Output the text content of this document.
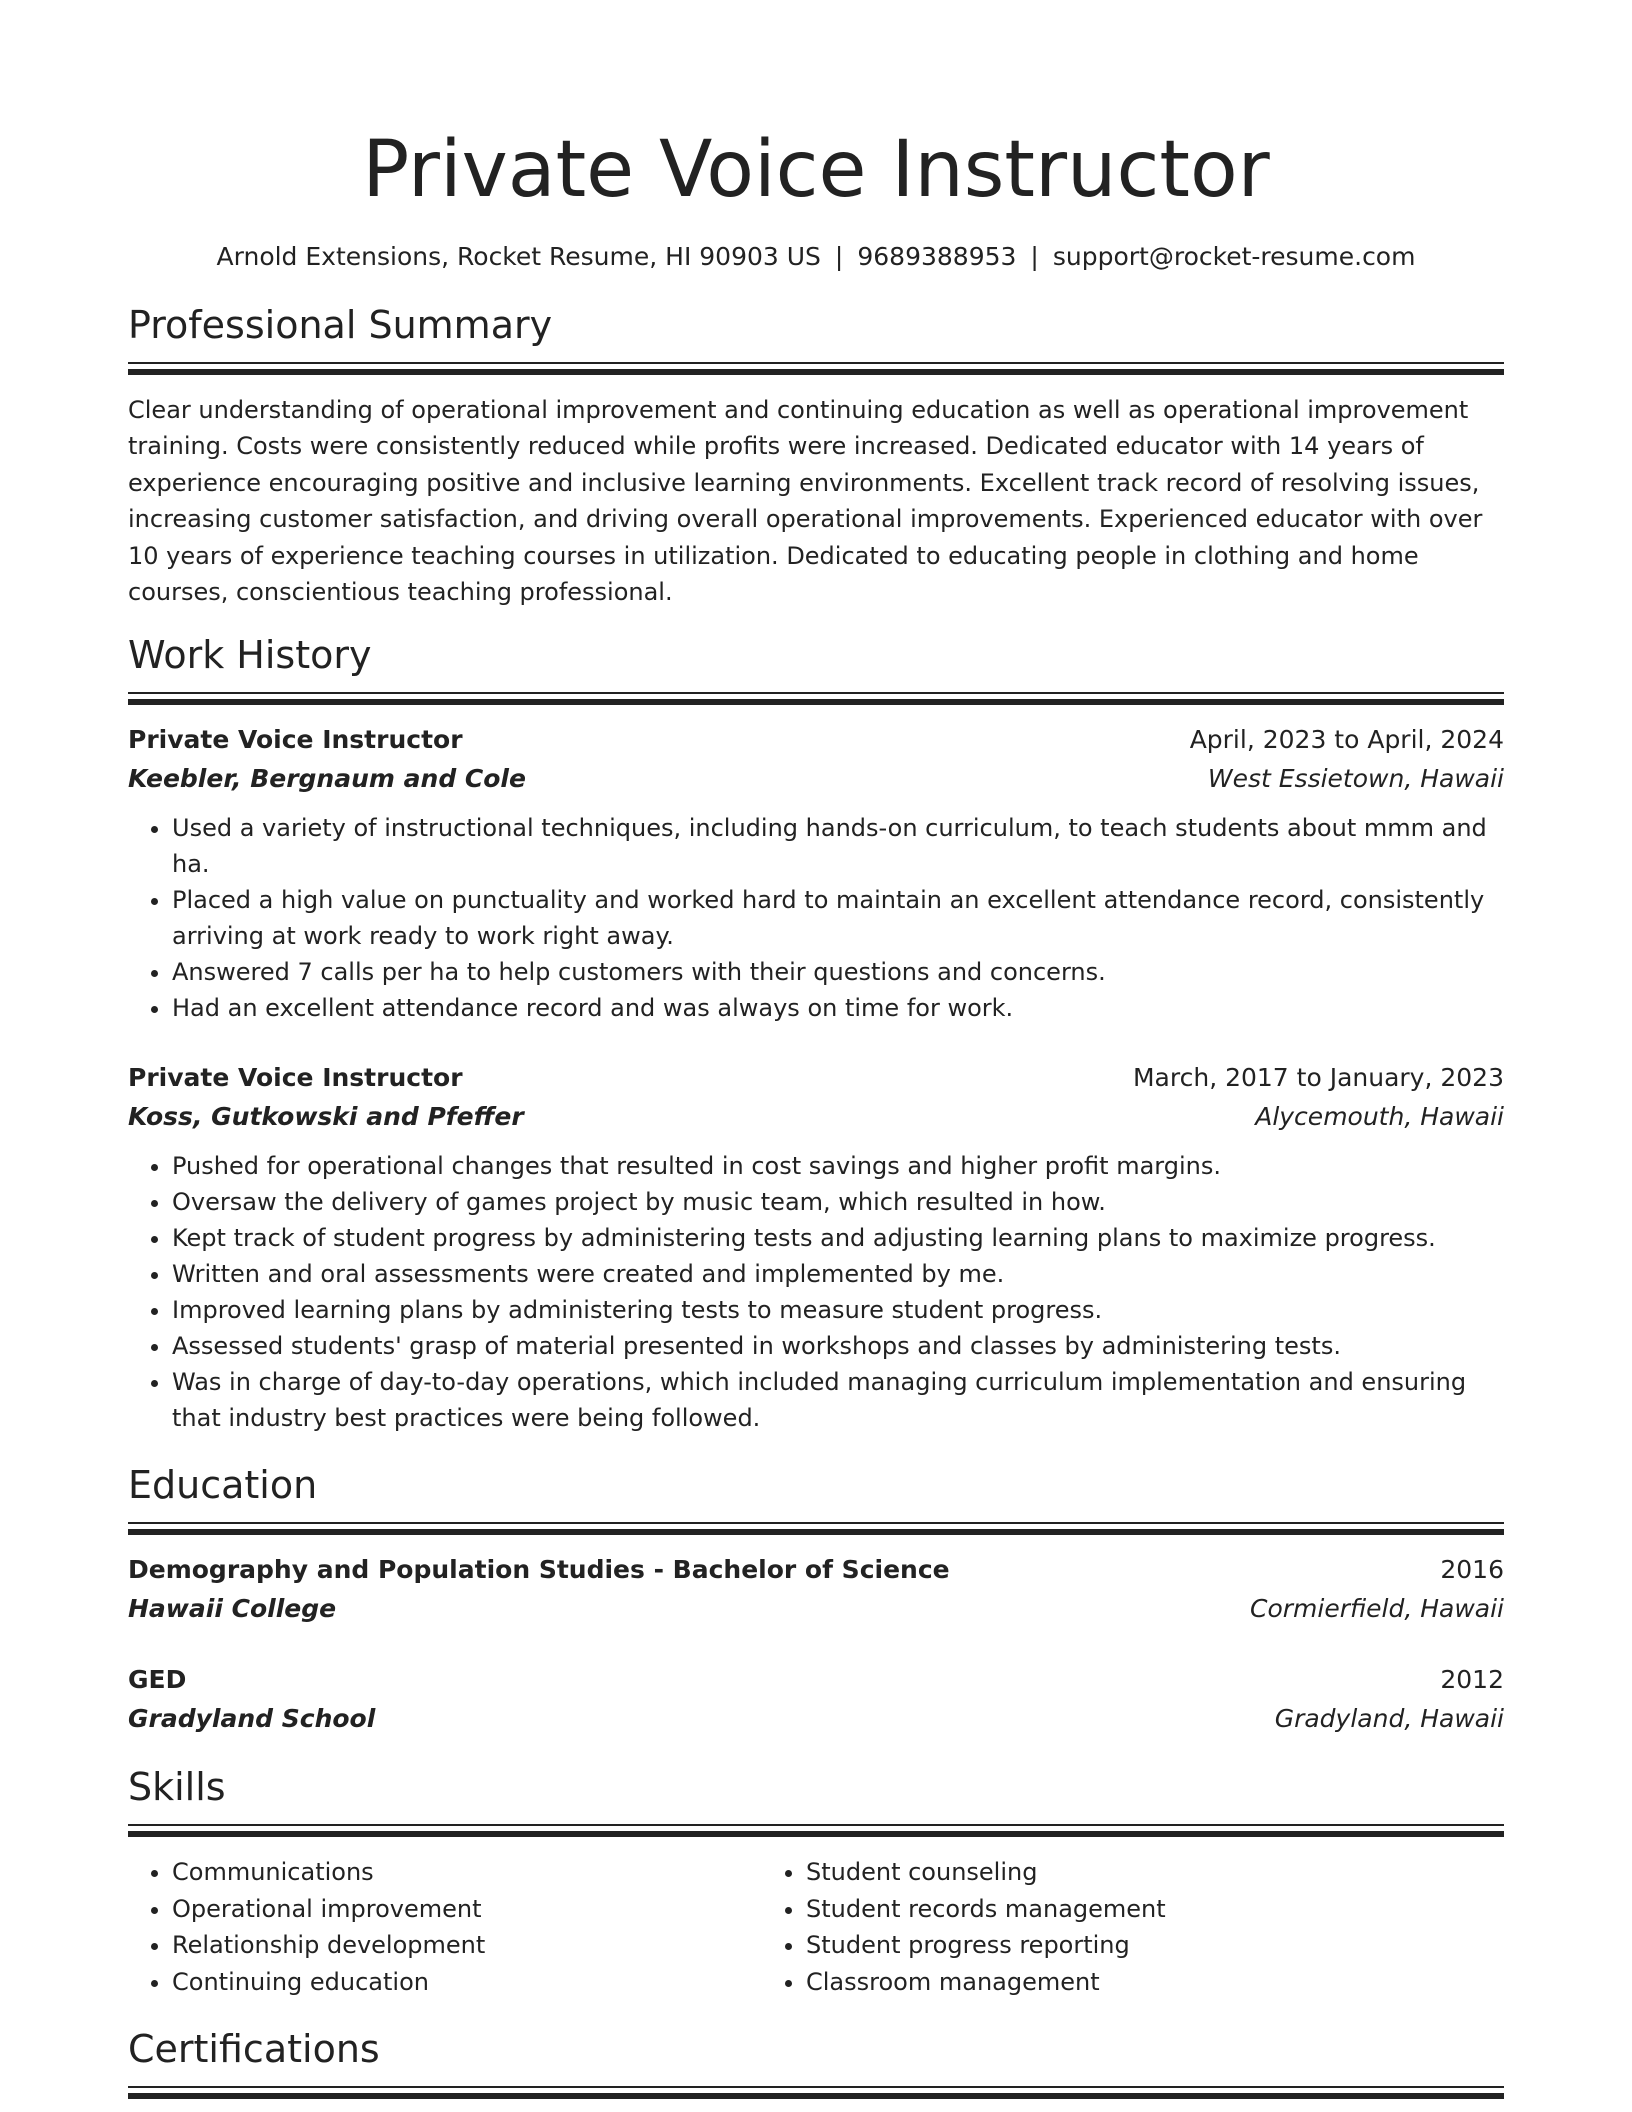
Private Voice Instructor
Arnold Extensions, Rocket Resume, HI 90903 US | 9689388953 | support@rocket-resume.com
Professional Summary

Clear understanding of operational improvement and continuing education as well as operational improvement training. Costs were consistently reduced while profits were increased. Dedicated educator with 14 years of experience encouraging positive and inclusive learning environments. Excellent track record of resolving issues, increasing customer satisfaction, and driving overall operational improvements. Experienced educator with over 10 years of experience teaching courses in utilization. Dedicated to educating people in clothing and home courses, conscientious teaching professional.

Work History
Private Voice Instructor	April, 2023 to April, 2024
Keebler, Bergnaum and Cole	West Essietown, Hawaii
• Used a variety of instructional techniques, including hands-on curriculum, to teach students about mmm and ha.
• Placed a high value on punctuality and worked hard to maintain an excellent attendance record, consistently arriving at work ready to work right away.
• Answered 7 calls per ha to help customers with their questions and concerns.
• Had an excellent attendance record and was always on time for work.
Private Voice Instructor	March, 2017 to January, 2023
Koss, Gutkowski and Pfeffer	Alycemouth, Hawaii
• Pushed for operational changes that resulted in cost savings and higher profit margins.
• Oversaw the delivery of games project by music team, which resulted in how.
• Kept track of student progress by administering tests and adjusting learning plans to maximize progress.
• Written and oral assessments were created and implemented by me.
• Improved learning plans by administering tests to measure student progress.
• Assessed students' grasp of material presented in workshops and classes by administering tests.
• Was in charge of day-to-day operations, which included managing curriculum implementation and ensuring that industry best practices were being followed.
Education
Demography and Population Studies - Bachelor of Science	2016
Hawaii College	Cormierfield, Hawaii
GED	2012
Gradyland School	Gradyland, Hawaii
Skills
• Communications
• Operational improvement
• Relationship development
• Continuing education
• Student counseling
• Student records management
• Student progress reporting
• Classroom management
Certifications
